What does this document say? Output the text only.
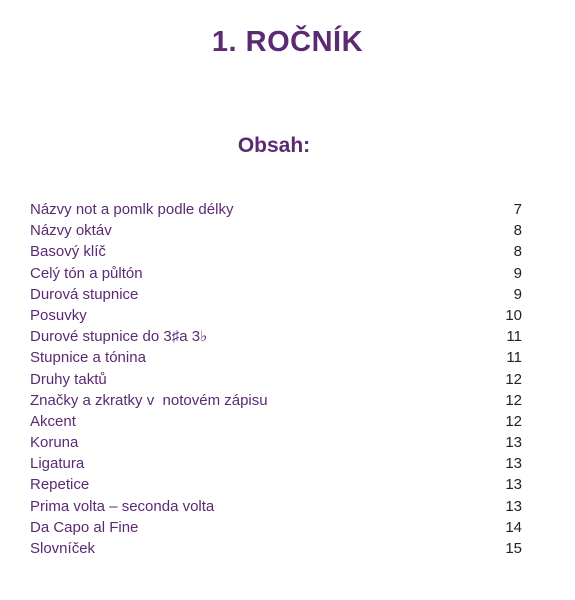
1. ROČNÍK
Obsah:
Názvy not a pomlk podle délky	7
Názvy oktáv	8
Basový klíč	8
Celý tón a půltón	9
Durová stupnice	9
Posuvky	10
Durové stupnice do 3♯a 3♭	11
Stupnice a tónina	11
Druhy taktů	12
Značky a zkratky v  notovém zápisu	12
Akcent	12
Koruna	13
Ligatura	13
Repetice	13
Prima volta – seconda volta	13
Da Capo al Fine	14
Slovníček	15
